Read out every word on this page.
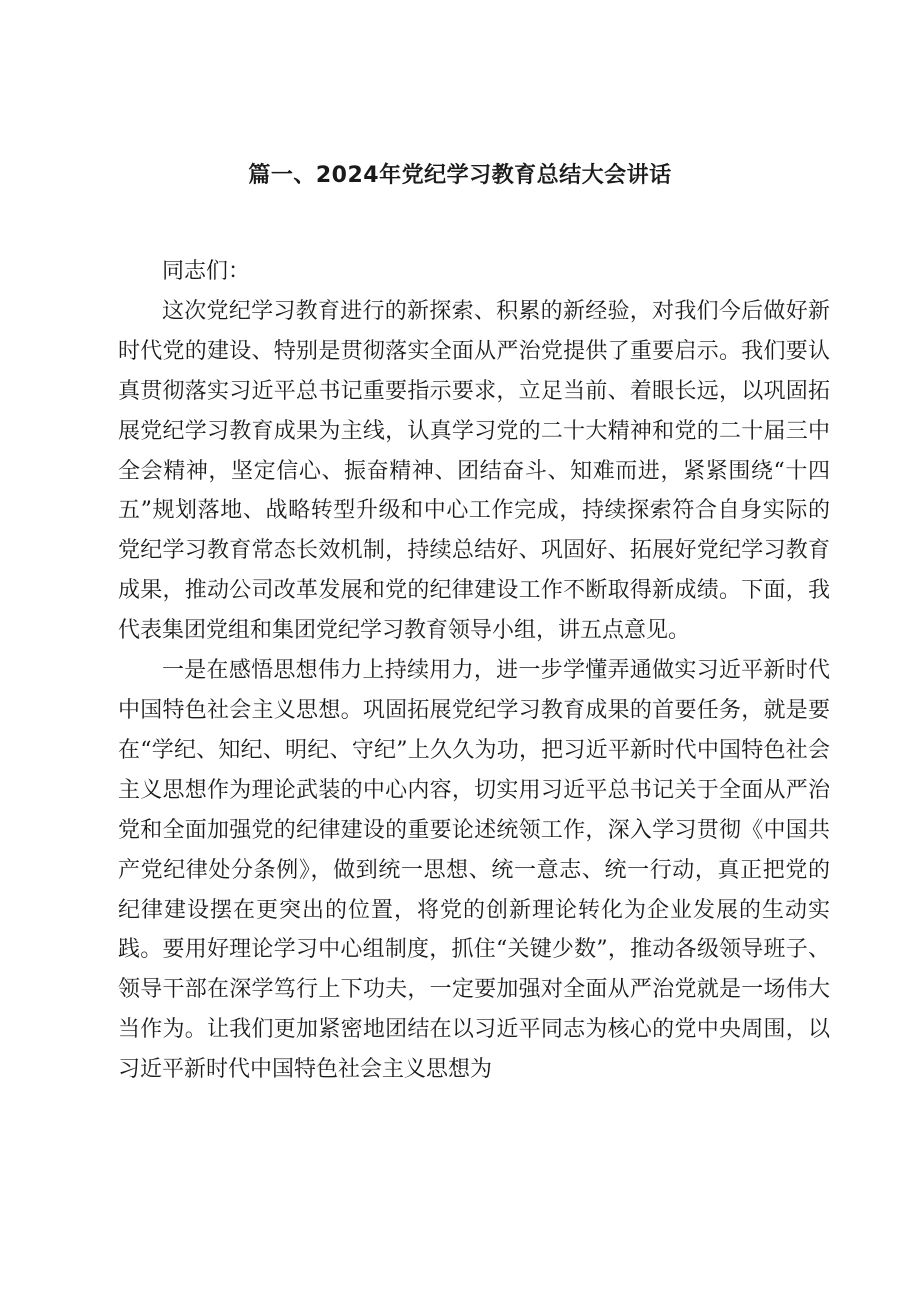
篇一、2024年党纪学习教育总结大会讲话

同志们：

这次党纪学习教育进行的新探索、积累的新经验，对我们今后做好新时代党的建设、特别是贯彻落实全面从严治党提供了重要启示。我们要认真贯彻落实习近平总书记重要指示要求，立足当前、着眼长远，以巩固拓展党纪学习教育成果为主线，认真学习党的二十大精神和党的二十届三中全会精神，坚定信心、振奋精神、团结奋斗、知难而进，紧紧围绕“十四五”规划落地、战略转型升级和中心工作完成，持续探索符合自身实际的党纪学习教育常态长效机制，持续总结好、巩固好、拓展好党纪学习教育成果，推动公司改革发展和党的纪律建设工作不断取得新成绩。下面，我代表集团党组和集团党纪学习教育领导小组，讲五点意见。

一是在感悟思想伟力上持续用力，进一步学懂弄通做实习近平新时代中国特色社会主义思想。巩固拓展党纪学习教育成果的首要任务，就是要在“学纪、知纪、明纪、守纪”上久久为功，把习近平新时代中国特色社会主义思想作为理论武装的中心内容，切实用习近平总书记关于全面从严治党和全面加强党的纪律建设的重要论述统领工作，深入学习贯彻《中国共产党纪律处分条例》，做到统一思想、统一意志、统一行动，真正把党的纪律建设摆在更突出的位置，将党的创新理论转化为企业发展的生动实践。要用好理论学习中心组制度，抓住“关键少数”，推动各级领导班子、领导干部在深学笃行上下功夫，一定要加强对全面从严治党就是一场伟大当作为。让我们更加紧密地团结在以习近平同志为核心的党中央周围，以习近平新时代中国特色社会主义思想为
